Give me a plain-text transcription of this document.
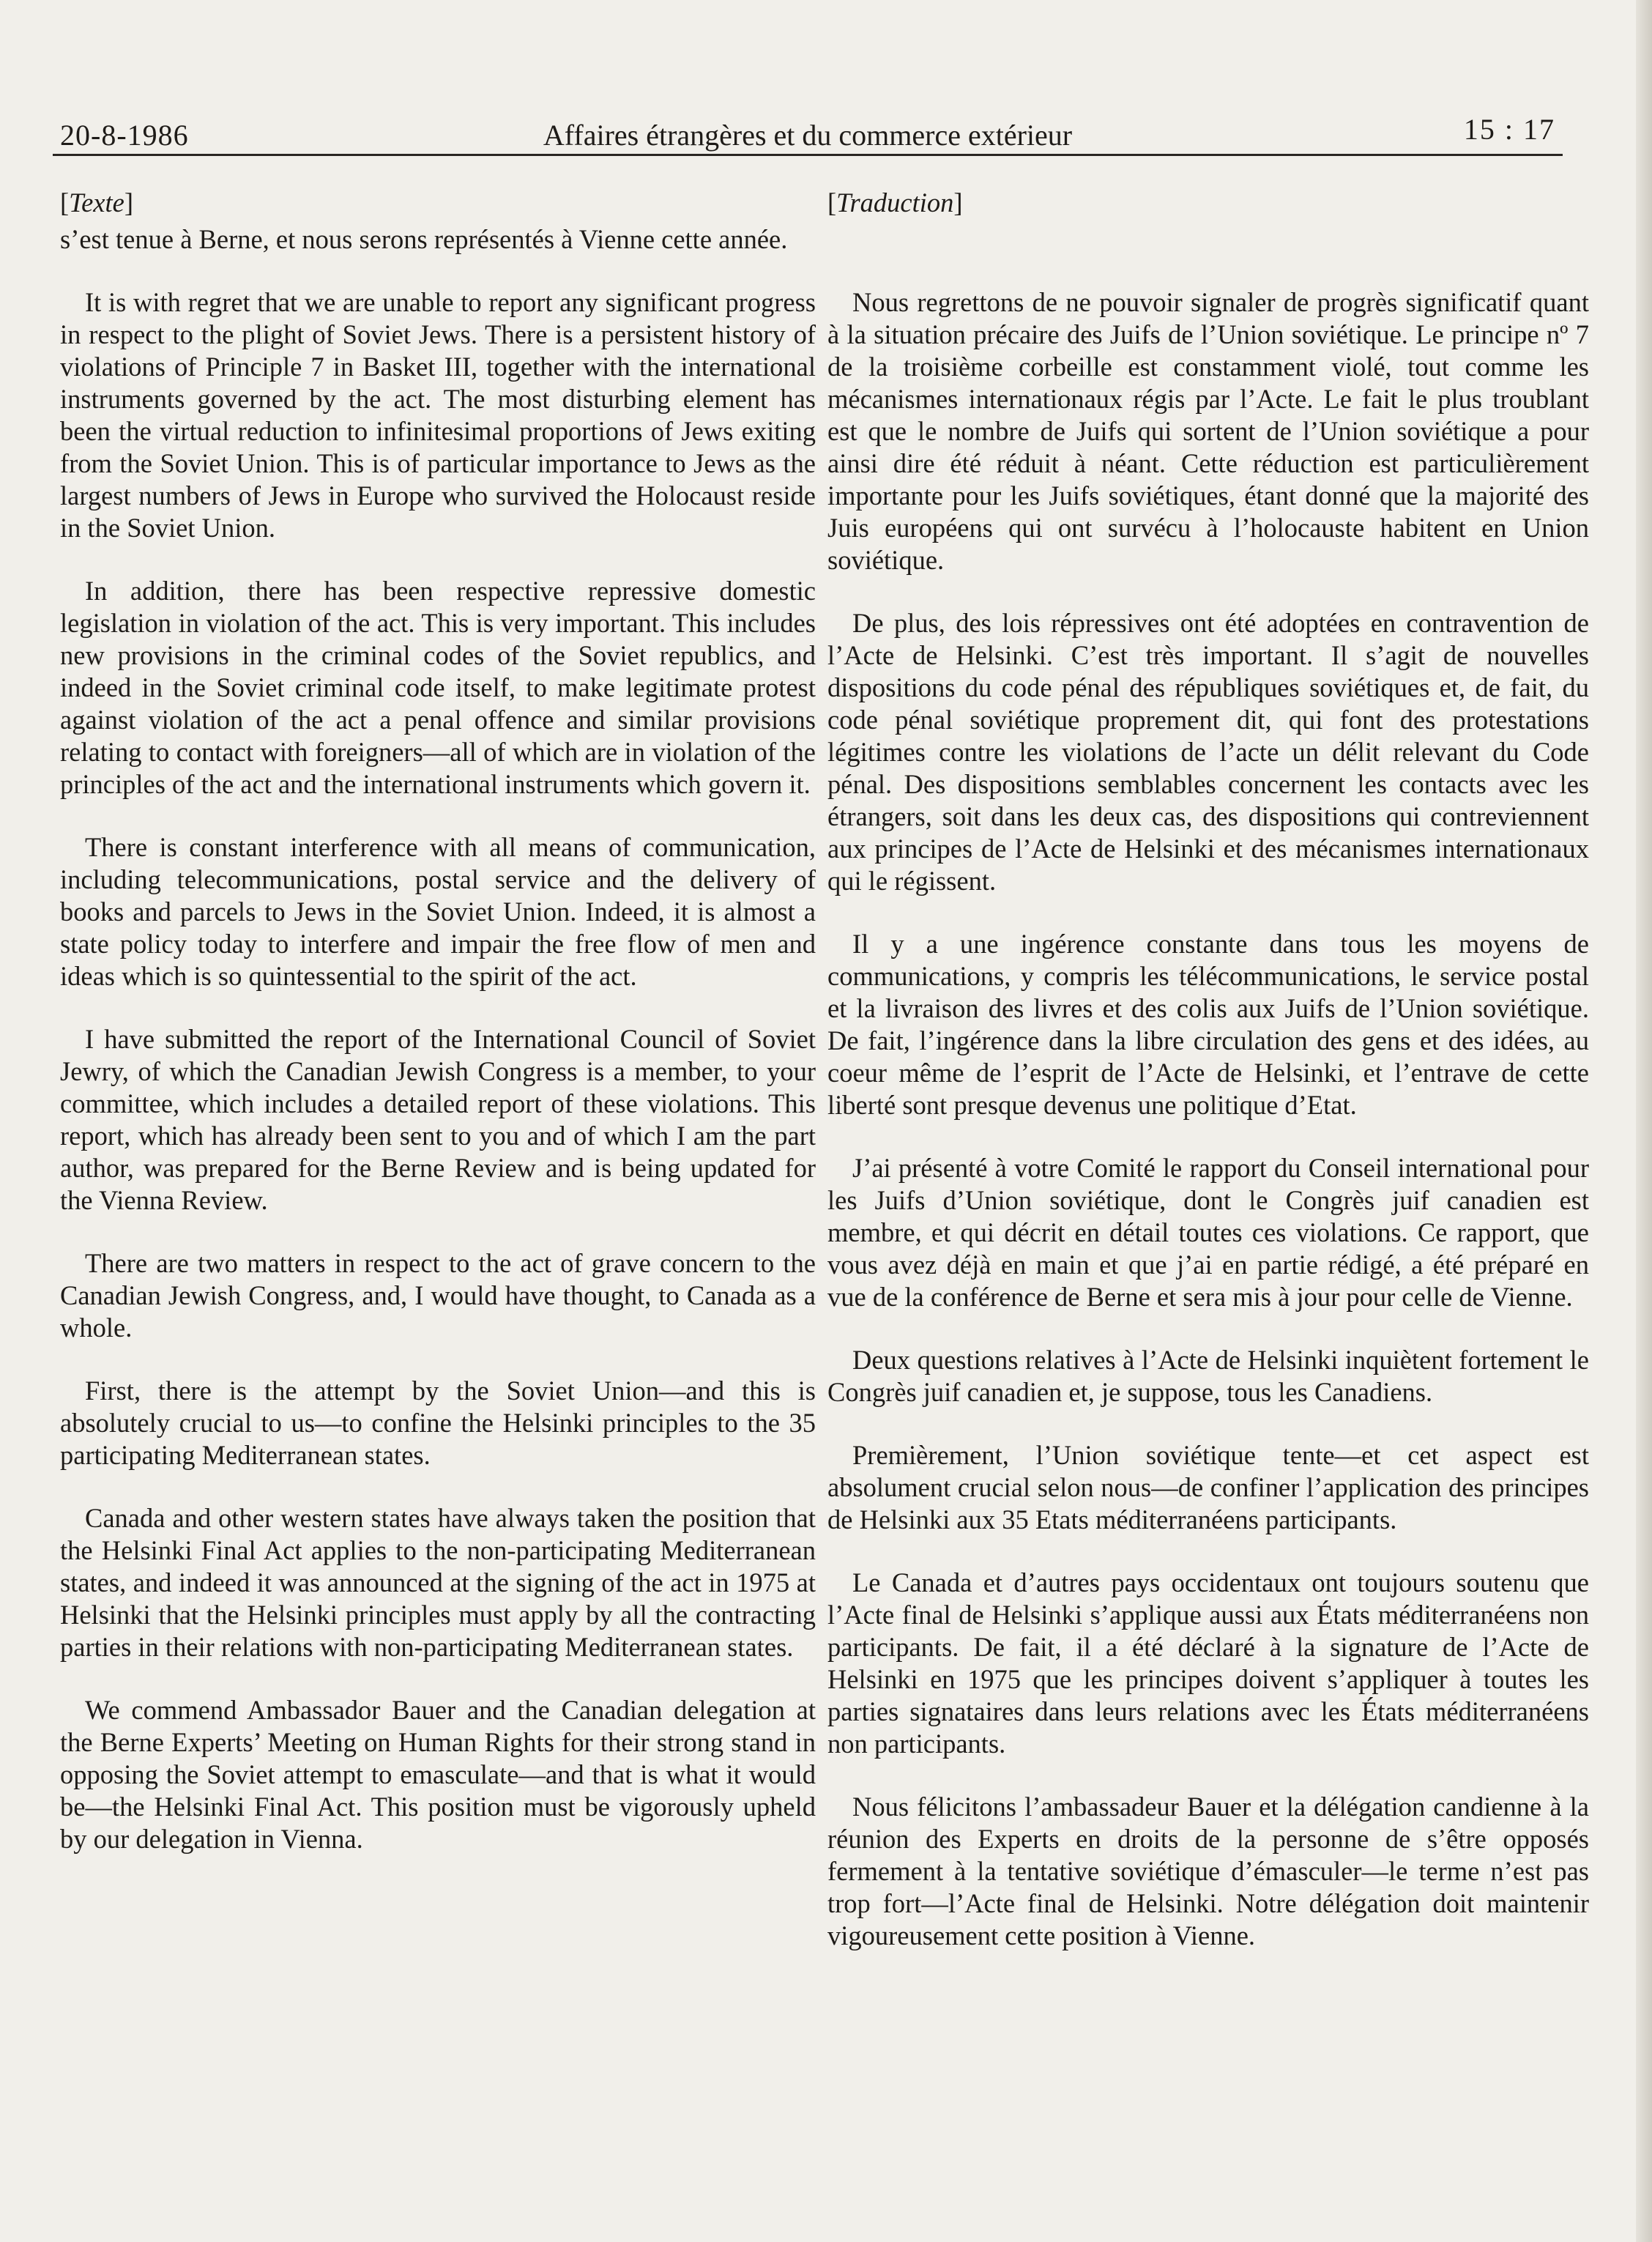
20-8-1986	Affaires étrangères et du commerce extérieur	15 : 17
[Texte]

s’est tenue à Berne, et nous serons représentés à Vienne cette année.

It is with regret that we are unable to report any significant progress in respect to the plight of Soviet Jews. There is a persistent history of violations of Principle 7 in Basket III, together with the international instruments governed by the act. The most disturbing element has been the virtual reduction to infinitesimal proportions of Jews exiting from the Soviet Union. This is of particular importance to Jews as the largest numbers of Jews in Europe who survived the Holocaust reside in the Soviet Union.

In addition, there has been respective repressive domestic legislation in violation of the act. This is very important. This includes new provisions in the criminal codes of the Soviet republics, and indeed in the Soviet criminal code itself, to make legitimate protest against violation of the act a penal offence and similar provisions relating to contact with foreigners—all of which are in violation of the principles of the act and the international instruments which govern it.

There is constant interference with all means of communication, including telecommunications, postal service and the delivery of books and parcels to Jews in the Soviet Union. Indeed, it is almost a state policy today to interfere and impair the free flow of men and ideas which is so quintessential to the spirit of the act.

I have submitted the report of the International Council of Soviet Jewry, of which the Canadian Jewish Congress is a member, to your committee, which includes a detailed report of these violations. This report, which has already been sent to you and of which I am the part author, was prepared for the Berne Review and is being updated for the Vienna Review.

There are two matters in respect to the act of grave concern to the Canadian Jewish Congress, and, I would have thought, to Canada as a whole.

First, there is the attempt by the Soviet Union—and this is absolutely crucial to us—to confine the Helsinki principles to the 35 participating Mediterranean states.

Canada and other western states have always taken the position that the Helsinki Final Act applies to the non-participating Mediterranean states, and indeed it was announced at the signing of the act in 1975 at Helsinki that the Helsinki principles must apply by all the contracting parties in their relations with non-participating Mediterranean states.

We commend Ambassador Bauer and the Canadian delegation at the Berne Experts’ Meeting on Human Rights for their strong stand in opposing the Soviet attempt to emasculate—and that is what it would be—the Helsinki Final Act. This position must be vigorously upheld by our delegation in Vienna.

[Traduction]

Nous regrettons de ne pouvoir signaler de progrès significatif quant à la situation précaire des Juifs de l’Union soviétique. Le principe nº 7 de la troisième corbeille est constamment violé, tout comme les mécanismes internationaux régis par l’Acte. Le fait le plus troublant est que le nombre de Juifs qui sortent de l’Union soviétique a pour ainsi dire été réduit à néant. Cette réduction est particulièrement importante pour les Juifs soviétiques, étant donné que la majorité des Juis européens qui ont survécu à l’holocauste habitent en Union soviétique.

De plus, des lois répressives ont été adoptées en contravention de l’Acte de Helsinki. C’est très important. Il s’agit de nouvelles dispositions du code pénal des républiques soviétiques et, de fait, du code pénal soviétique proprement dit, qui font des protestations légitimes contre les violations de l’acte un délit relevant du Code pénal. Des dispositions semblables concernent les contacts avec les étrangers, soit dans les deux cas, des dispositions qui contreviennent aux principes de l’Acte de Helsinki et des mécanismes internationaux qui le régissent.

Il y a une ingérence constante dans tous les moyens de communications, y compris les télécommunications, le service postal et la livraison des livres et des colis aux Juifs de l’Union soviétique. De fait, l’ingérence dans la libre circulation des gens et des idées, au coeur même de l’esprit de l’Acte de Helsinki, et l’entrave de cette liberté sont presque devenus une politique d’Etat.

J’ai présenté à votre Comité le rapport du Conseil international pour les Juifs d’Union soviétique, dont le Congrès juif canadien est membre, et qui décrit en détail toutes ces violations. Ce rapport, que vous avez déjà en main et que j’ai en partie rédigé, a été préparé en vue de la conférence de Berne et sera mis à jour pour celle de Vienne.

Deux questions relatives à l’Acte de Helsinki inquiètent fortement le Congrès juif canadien et, je suppose, tous les Canadiens.

Premièrement, l’Union soviétique tente—et cet aspect est absolument crucial selon nous—de confiner l’application des principes de Helsinki aux 35 Etats méditerranéens participants.

Le Canada et d’autres pays occidentaux ont toujours soutenu que l’Acte final de Helsinki s’applique aussi aux États méditerranéens non participants. De fait, il a été déclaré à la signature de l’Acte de Helsinki en 1975 que les principes doivent s’appliquer à toutes les parties signataires dans leurs relations avec les États méditerranéens non participants.

Nous félicitons l’ambassadeur Bauer et la délégation candienne à la réunion des Experts en droits de la personne de s’être opposés fermement à la tentative soviétique d’émasculer—le terme n’est pas trop fort—l’Acte final de Helsinki. Notre délégation doit maintenir vigoureusement cette position à Vienne.
